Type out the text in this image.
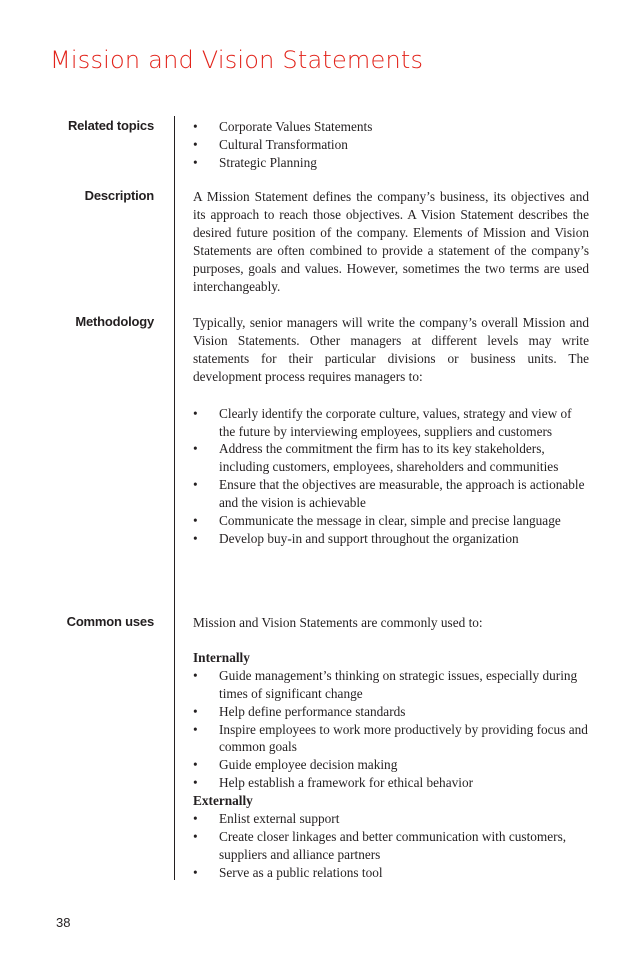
Mission and Vision Statements
Related topics	• Corporate Values Statements
• Cultural Transformation
• Strategic Planning
Description	A Mission Statement defines the company’s business, its objectives and its approach to reach those objectives. A Vision Statement describes the desired future position of the company. Elements of Mission and Vision Statements are often combined to provide a statement of the company’s purposes, goals and values. However, sometimes the two terms are used interchangeably.

Methodology	Typically, senior managers will write the company’s overall Mission and Vision Statements. Other managers at different levels may write statements for their particular divisions or business units. The development process requires managers to:

• Clearly identify the corporate culture, values, strategy and view of the future by interviewing employees, suppliers and customers
• Address the commitment the firm has to its key stakeholders, including customers, employees, shareholders and communities
• Ensure that the objectives are measurable, the approach is actionable and the vision is achievable
• Communicate the message in clear, simple and precise language
• Develop buy-in and support throughout the organization
Common uses	Mission and Vision Statements are commonly used to:

Internally
• Guide management’s thinking on strategic issues, especially during times of significant change
• Help define performance standards
• Inspire employees to work more productively by providing focus and common goals
• Guide employee decision making
• Help establish a framework for ethical behavior
Externally
• Enlist external support
• Create closer linkages and better communication with customers, suppliers and alliance partners
• Serve as a public relations tool
38
